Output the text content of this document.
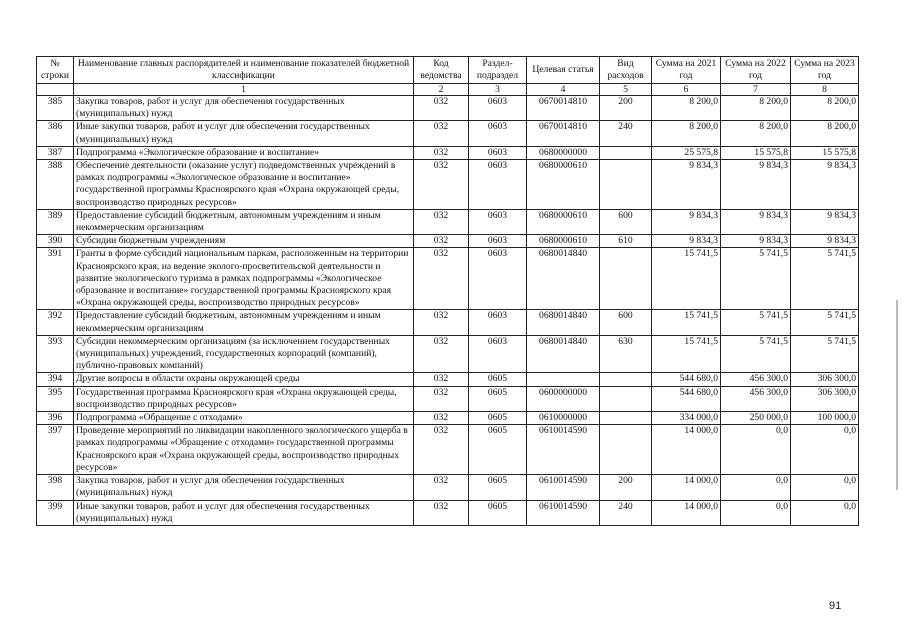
№ строки	Наименование главных распорядителей и наименование показателей бюджетной классификации	Код ведомства	Раздел-подраздел	Целевая статья	Вид расходов	Сумма на 2021 год	Сумма на 2022 год	Сумма на 2023 год
	1	2	3	4	5	6	7	8
385	Закупка товаров, работ и услуг для обеспечения государственных (муниципальных) нужд	032	0603	0670014810	200	8 200,0	8 200,0	8 200,0
386	Иные закупки товаров, работ и услуг для обеспечения государственных (муниципальных) нужд	032	0603	0670014810	240	8 200,0	8 200,0	8 200,0
387	Подпрограмма «Экологическое образование и воспитание»	032	0603	0680000000		25 575,8	15 575,8	15 575,8
388	Обеспечение деятельности (оказание услуг) подведомственных учреждений в рамках подпрограммы «Экологическое образование и воспитание» государственной программы Красноярского края «Охрана окружающей среды, воспроизводство природных ресурсов»	032	0603	0680000610		9 834,3	9 834,3	9 834,3
389	Предоставление субсидий бюджетным, автономным учреждениям и иным некоммерческим организациям	032	0603	0680000610	600	9 834,3	9 834,3	9 834,3
390	Субсидии бюджетным учреждениям	032	0603	0680000610	610	9 834,3	9 834,3	9 834,3
391	Гранты в форме субсидий национальным паркам, расположенным на территории Красноярского края, на ведение эколого-просветительской деятельности и развитие экологического туризма в рамках подпрограммы «Экологическое образование и воспитание» государственной программы Красноярского края «Охрана окружающей среды, воспроизводство природных ресурсов»	032	0603	0680014840		15 741,5	5 741,5	5 741,5
392	Предоставление субсидий бюджетным, автономным учреждениям и иным некоммерческим организациям	032	0603	0680014840	600	15 741,5	5 741,5	5 741,5
393	Субсидии некоммерческим организациям (за исключением государственных (муниципальных) учреждений, государственных корпораций (компаний), публично-правовых компаний)	032	0603	0680014840	630	15 741,5	5 741,5	5 741,5
394	Другие вопросы в области охраны окружающей среды	032	0605			544 680,0	456 300,0	306 300,0
395	Государственная программа Красноярского края «Охрана окружающей среды, воспроизводство природных ресурсов»	032	0605	0600000000		544 680,0	456 300,0	306 300,0
396	Подпрограмма «Обращение с отходами»	032	0605	0610000000		334 000,0	250 000,0	100 000,0
397	Проведение мероприятий по ликвидации накопленного экологического ущерба в рамках подпрограммы «Обращение с отходами» государственной программы Красноярского края «Охрана окружающей среды, воспроизводство природных ресурсов»	032	0605	0610014590		14 000,0	0,0	0,0
398	Закупка товаров, работ и услуг для обеспечения государственных (муниципальных) нужд	032	0605	0610014590	200	14 000,0	0,0	0,0
399	Иные закупки товаров, работ и услуг для обеспечения государственных (муниципальных) нужд	032	0605	0610014590	240	14 000,0	0,0	0,0
91
